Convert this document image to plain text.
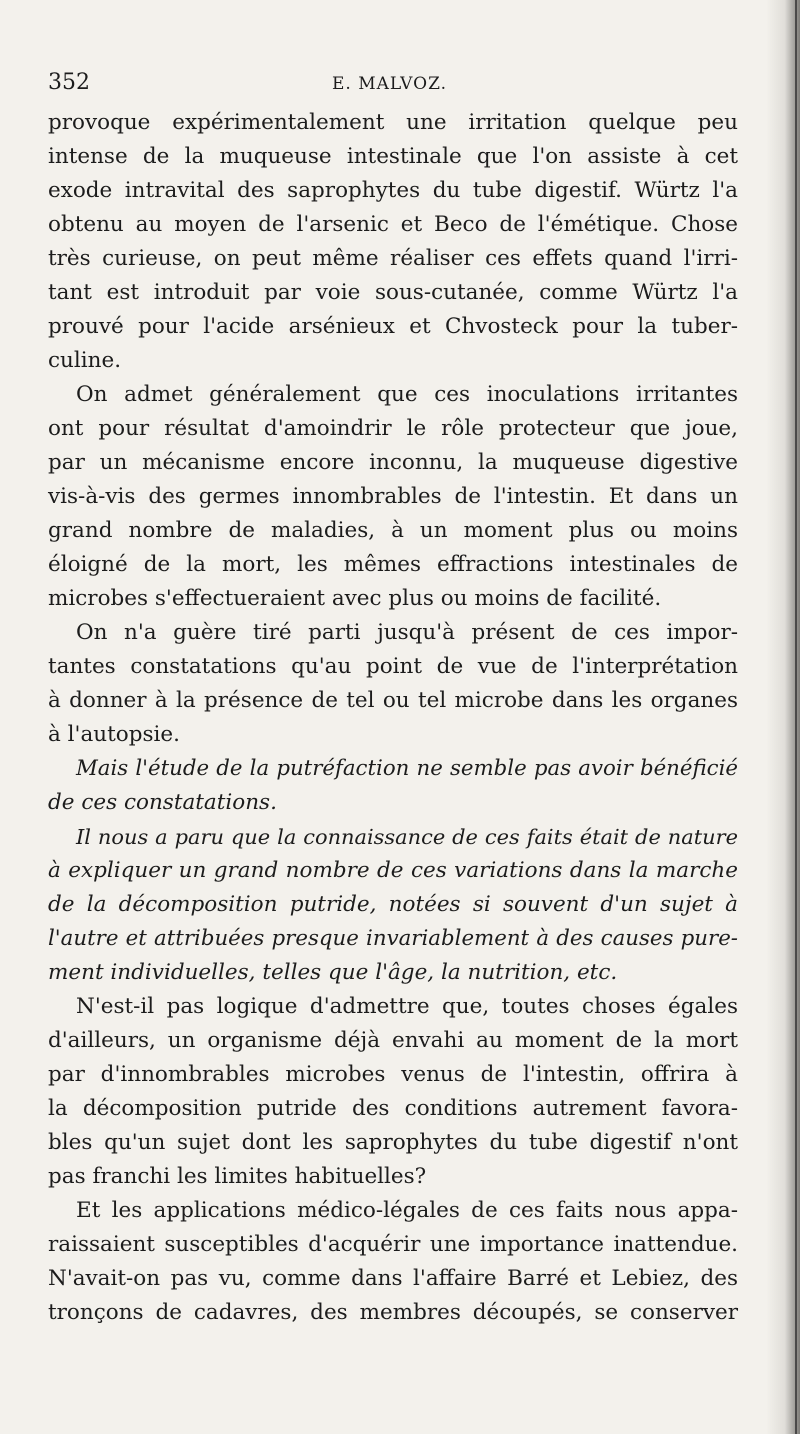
352	E. MALVOZ.
provoque expérimentalement une irritation quelque peu
intense de la muqueuse intestinale que l'on assiste à cet
exode intravital des saprophytes du tube digestif. Würtz l'a
obtenu au moyen de l'arsenic et Beco de l'émétique. Chose
très curieuse, on peut même réaliser ces effets quand l'irri-
tant est introduit par voie sous-cutanée, comme Würtz l'a
prouvé pour l'acide arsénieux et Chvosteck pour la tuber-
culine.
On admet généralement que ces inoculations irritantes
ont pour résultat d'amoindrir le rôle protecteur que joue,
par un mécanisme encore inconnu, la muqueuse digestive
vis-à-vis des germes innombrables de l'intestin. Et dans un
grand nombre de maladies, à un moment plus ou moins
éloigné de la mort, les mêmes effractions intestinales de
microbes s'effectueraient avec plus ou moins de facilité.
On n'a guère tiré parti jusqu'à présent de ces impor-
tantes constatations qu'au point de vue de l'interprétation
à donner à la présence de tel ou tel microbe dans les organes
à l'autopsie.
Mais l'étude de la putréfaction ne semble pas avoir bénéficié
de ces constatations.
Il nous a paru que la connaissance de ces faits était de nature
à expliquer un grand nombre de ces variations dans la marche
de la décomposition putride, notées si souvent d'un sujet à
l'autre et attribuées presque invariablement à des causes pure-
ment individuelles, telles que l'âge, la nutrition, etc.
N'est-il pas logique d'admettre que, toutes choses égales
d'ailleurs, un organisme déjà envahi au moment de la mort
par d'innombrables microbes venus de l'intestin, offrira à
la décomposition putride des conditions autrement favora-
bles qu'un sujet dont les saprophytes du tube digestif n'ont
pas franchi les limites habituelles?
Et les applications médico-légales de ces faits nous appa-
raissaient susceptibles d'acquérir une importance inattendue.
N'avait-on pas vu, comme dans l'affaire Barré et Lebiez, des
tronçons de cadavres, des membres découpés, se conserver
